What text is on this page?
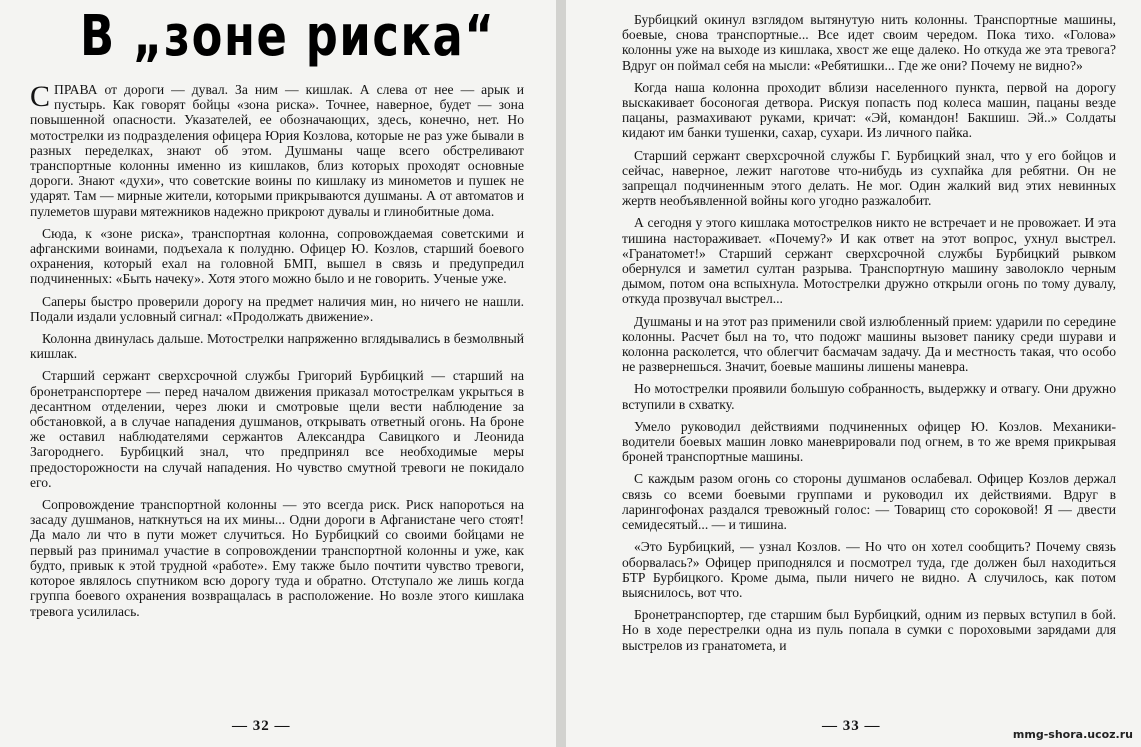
В „зоне риска“

СПРАВА от дороги — дувал. За ним — кишлак. А слева от нее — арык и пустырь. Как говорят бойцы «зона риска». Точнее, наверное, будет — зона повышенной опасности. Указателей, ее обозначающих, здесь, конечно, нет. Но мотострелки из подразделения офицера Юрия Козлова, которые не раз уже бывали в разных переделках, знают об этом. Душманы чаще всего обстреливают транспортные колонны именно из кишлаков, близ которых проходят основные дороги. Знают «духи», что советские воины по кишлаку из минометов и пушек не ударят. Там — мирные жители, которыми прикрываются душманы. А от автоматов и пулеметов шурави мятежников надежно прикроют дувалы и глинобитные дома.

Сюда, к «зоне риска», транспортная колонна, сопровождаемая советскими и афганскими воинами, подъехала к полудню. Офицер Ю. Козлов, старший боевого охранения, который ехал на головной БМП, вышел в связь и предупредил подчиненных: «Быть начеку». Хотя этого можно было и не говорить. Ученые уже.

Саперы быстро проверили дорогу на предмет наличия мин, но ничего не нашли. Подали издали условный сигнал: «Продолжать движение».

Колонна двинулась дальше. Мотострелки напряженно вглядывались в безмолвный кишлак.

Старший сержант сверхсрочной службы Григорий Бурбицкий — старший на бронетранспортере — перед началом движения приказал мотострелкам укрыться в десантном отделении, через люки и смотровые щели вести наблюдение за обстановкой, а в случае нападения душманов, открывать ответный огонь. На броне же оставил наблюдателями сержантов Александра Савицкого и Леонида Загороднего. Бурбицкий знал, что предпринял все необходимые меры предосторожности на случай нападения. Но чувство смутной тревоги не покидало его.

Сопровождение транспортной колонны — это всегда риск. Риск напороться на засаду душманов, наткнуться на их мины... Одни дороги в Афганистане чего стоят! Да мало ли что в пути может случиться. Но Бурбицкий со своими бойцами не первый раз принимал участие в сопровождении транспортной колонны и уже, как будто, привык к этой трудной «работе». Ему также было почтити чувство тревоги, которое являлось спутником всю дорогу туда и обратно. Отступало же лишь когда группа боевого охранения возвращалась в расположение. Но возле этого кишлака тревога усилилась.

— 32 —

Бурбицкий окинул взглядом вытянутую нить колонны. Транспортные машины, боевые, снова транспортные... Все идет своим чередом. Пока тихо. «Голова» колонны уже на выходе из кишлака, хвост же еще далеко. Но откуда же эта тревога? Вдруг он поймал себя на мысли: «Ребятишки... Где же они? Почему не видно?»

Когда наша колонна проходит вблизи населенного пункта, первой на дорогу выскакивает босоногая детвора. Рискуя попасть под колеса машин, пацаны везде пацаны, размахивают руками, кричат: «Эй, командон! Бакшиш. Эй..» Солдаты кидают им банки тушенки, сахар, сухари. Из личного пайка.

Старший сержант сверхсрочной службы Г. Бурбицкий знал, что у его бойцов и сейчас, наверное, лежит наготове что-нибудь из сухпайка для ребятни. Он не запрещал подчиненным этого делать. Не мог. Один жалкий вид этих невинных жертв необъявленной войны кого угодно разжалобит.

А сегодня у этого кишлака мотострелков никто не встречает и не провожает. И эта тишина настораживает. «Почему?» И как ответ на этот вопрос, ухнул выстрел. «Гранатомет!» Старший сержант сверхсрочной службы Бурбицкий рывком обернулся и заметил султан разрыва. Транспортную машину заволокло черным дымом, потом она вспыхнула. Мотострелки дружно открыли огонь по тому дувалу, откуда прозвучал выстрел...

Душманы и на этот раз применили свой излюбленный прием: ударили по середине колонны. Расчет был на то, что подожг машины вызовет панику среди шурави и колонна расколется, что облегчит басмачам задачу. Да и местность такая, что особо не развернешься. Значит, боевые машины лишены маневра.

Но мотострелки проявили большую собранность, выдержку и отвагу. Они дружно вступили в схватку.

Умело руководил действиями подчиненных офицер Ю. Козлов. Механики-водители боевых машин ловко маневрировали под огнем, в то же время прикрывая броней транспортные машины.

С каждым разом огонь со стороны душманов ослабевал. Офицер Козлов держал связь со всеми боевыми группами и руководил их действиями. Вдруг в ларингофонах раздался тревожный голос: — Товарищ сто сороковой! Я — двести семидесятый... — и тишина.

«Это Бурбицкий, — узнал Козлов. — Но что он хотел сообщить? Почему связь оборвалась?» Офицер приподнялся и посмотрел туда, где должен был находиться БТР Бурбицкого. Кроме дыма, пыли ничего не видно. А случилось, как потом выяснилось, вот что.

Бронетранспортер, где старшим был Бурбицкий, одним из первых вступил в бой. Но в ходе перестрелки одна из пуль попала в сумки с пороховыми зарядами для выстрелов из гранатомета, и

— 33 —
mmg-shora.ucoz.ru
